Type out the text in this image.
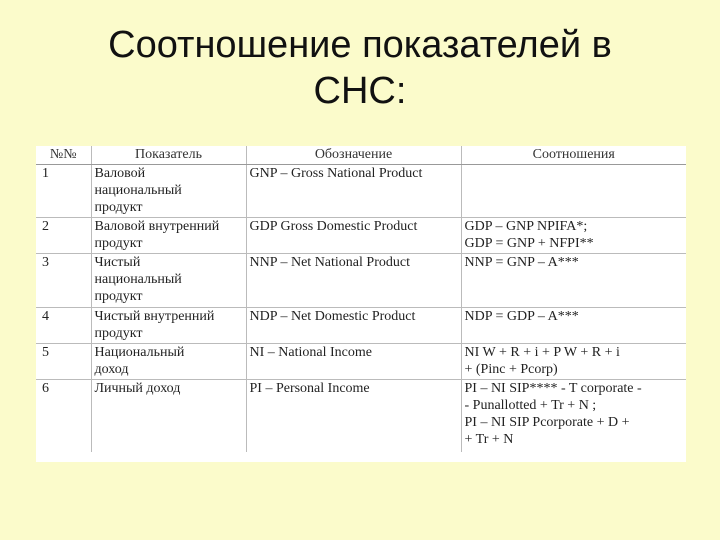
Соотношение показателей в
СНС:
№№	Показатель	Обозначение	Соотношения
1	Валовой
национальный
продукт	GNP – Gross National Product	
2	Валовой внутренний
продукт	GDP Gross Domestic Product	GDP – GNP NPIFA*;
GDP = GNP + NFPI**

3	Чистый
национальный
продукт	NNP – Net National Product	NNP = GNP – A***

4	Чистый внутренний
продукт	NDP – Net Domestic Product	NDP = GDP – A***

5	Национальный
доход	NI – National Income	NI W + R + i + P W + R + i
+ (Pinc + Pcorp)

6	Личный доход	PI – Personal Income	PI – NI SIP**** - T corporate -
- Punallotted + Tr + N ;
PI – NI SIP Pcorporate + D +
+ Tr + N
